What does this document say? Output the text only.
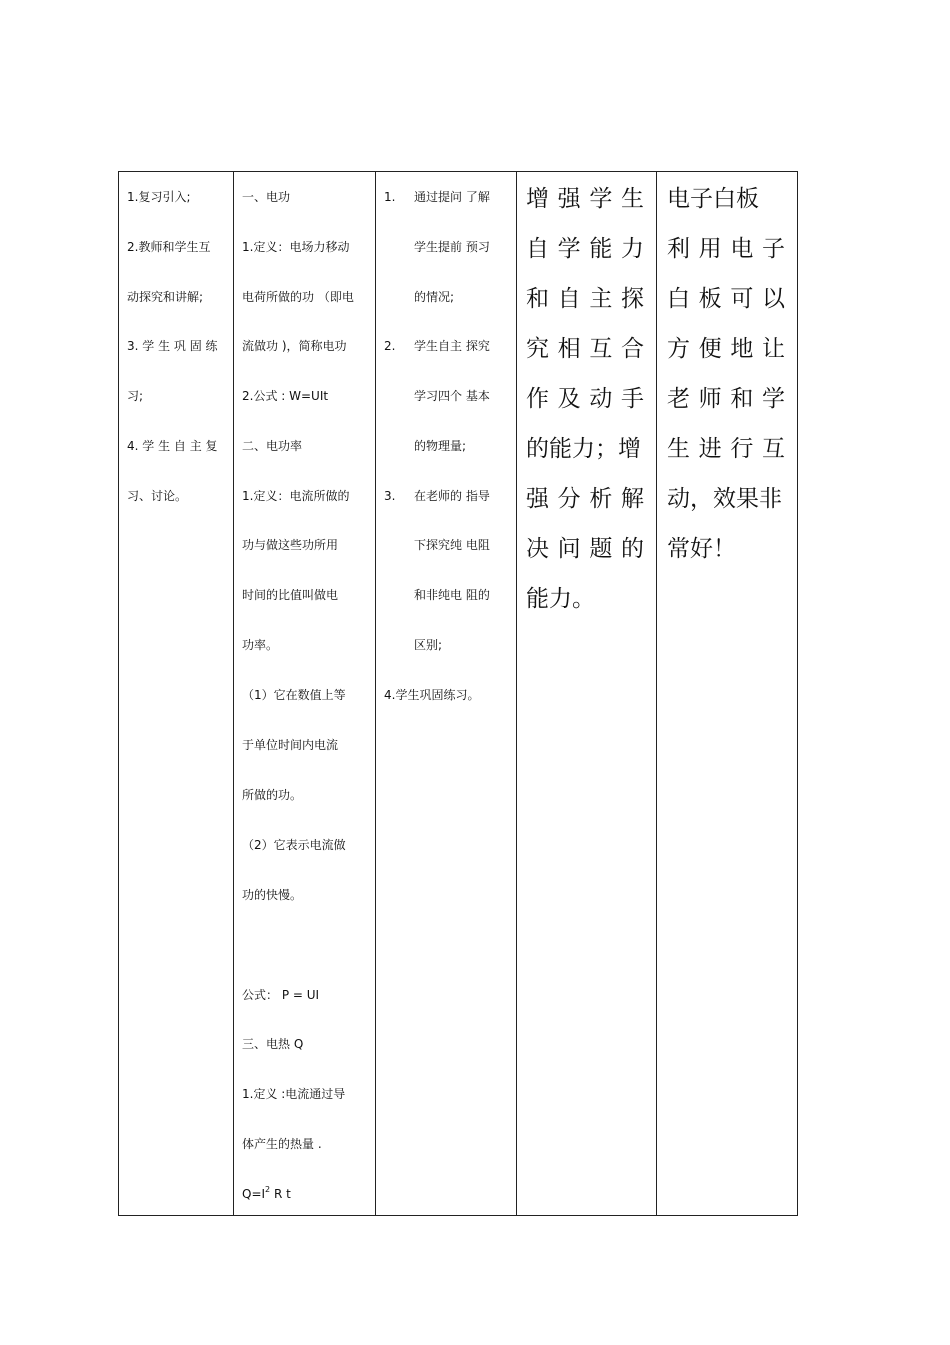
1.复习引入;
2.教师和学生互
动探究和讲解;
3. 学 生 巩 固 练
习;
4. 学 生 自 主 复
习、讨论。
一、电功
1.定义：电场力移动
电荷所做的功 （即电
流做功 )，简称电功
2.公式 : W=UIt
二、电功率
1.定义：电流所做的
功与做这些功所用
时间的比值叫做电
功率。
（1）它在数值上等
于单位时间内电流
所做的功。
（2）它表示电流做
功的快慢。
公式： P = UI
三、电热 Q
1.定义 :电流通过导
体产生的热量 .
$Q=I^2$ R t
1. 通过提问 了解
学生提前 预习
的情况;
2. 学生自主 探究
学习四个 基本
的物理量;
3. 在老师的 指导
下探究纯 电阻
和非纯电 阻的
区别;
4.学生巩固练习。
增强学生
自学能力
和自主探
究相互合
作及动手
的能力；增
强分析解
决问题的
能力。
电子白板
利用电子
白板可以
方便地让
老师和学
生进行互
动，效果非
常好！
